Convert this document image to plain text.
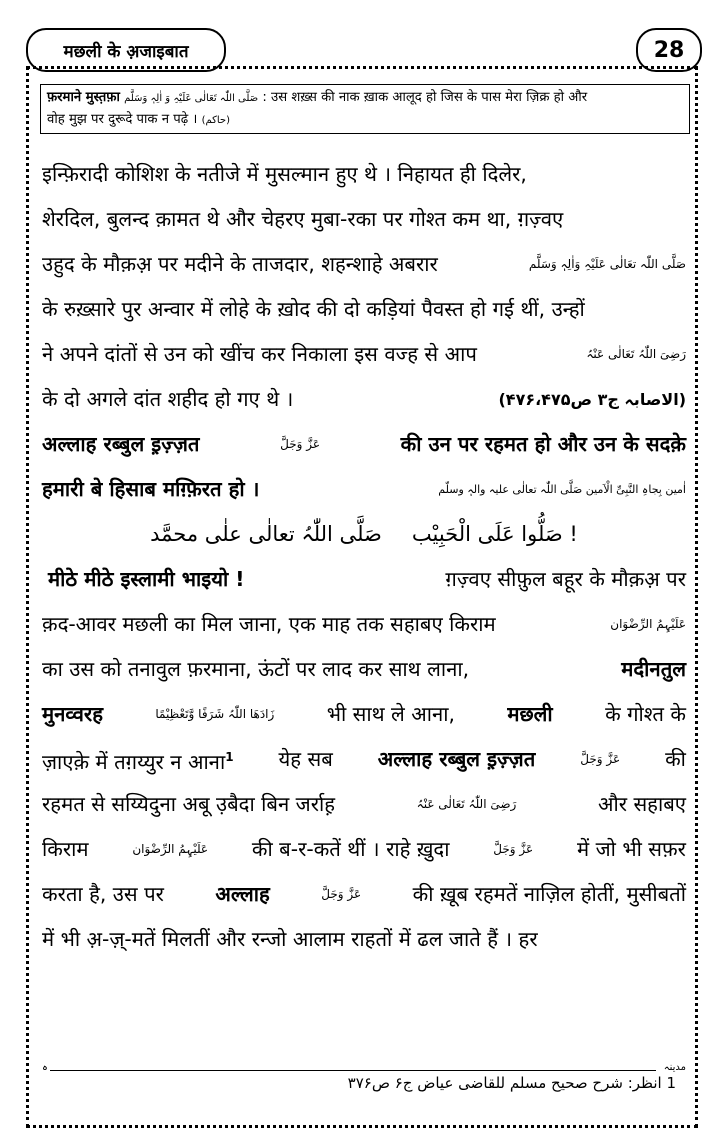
मछली के अ़जाइबात	28
फ़रमाने मुस्त़फ़ा صَلَّى اللّٰہ تَعَالٰی عَلَیْہِ وَ اٰلِہٖ وَسَلَّم : उस शख़्स की नाक ख़ाक आलूद हो जिस के पास मेरा ज़िक्र हो और
वोह मुझ पर दुरूदे पाक न पढ़े । (حاکم)
इन्फ़िरादी कोशिश के नतीजे में मुसल्मान हुए थे । निहायत ही दिलेर,
शेरदिल, बुलन्द क़ामत थे और चेहरए मुबा-रका पर गोश्त कम था, ग़ज़्वए
उहुद के मौक़अ़ पर मदीने के ताजदार, शहन्शाहे अबरार	صَلَّی اللّٰہ تعَالٰی عَلَیْہِ وَاٰلِہٖ وَسَلَّم
के रुख़्सारे पुर अन्वार में लोहे के ख़ोद की दो कड़ियां पैवस्त हो गई थीं, उन्हों
ने अपने दांतों से उन को खींच कर निकाला इस वज्ह से आप	رَضِیَ اللّٰہُ تَعَالٰی عَنْہُ
के दो अगले दांत शहीद हो गए थे ।	(الاصابہ ج۳ ص۴۷۶،۴۷۵)
अल्लाह रब्बुल इ़ज़्ज़त	عَزَّ وَجَلَّ	की उन पर रहमत हो और उन के सदक़े
हमारी बे हिसाब मग़्फ़िरत हो ।	اٰمین بِجاہِ النَّبِیِّ الْاَمین صَلَّی اللّٰہ تعالٰی علیہ والہٖ وسلّم
صَلَّی اللّٰہُ تعالٰی علٰی محمَّد صَلُّوا عَلَی الْحَبِیْب !
मीठे मीठे इस्लामी भाइयो !	ग़ज़्वए सीफ़ुल बहूर के मौक़अ़ पर
क़द-आवर मछली का मिल जाना, एक माह तक सहाबए किराम	عَلَیْہِمُ الرِّضْوَان
का उस को तनावुल फ़रमाना, ऊंटों पर लाद कर साथ लाना,	मदीनतुल
मुनव्वरह	زَادَھَا اللّٰہُ شَرَفًا وَّتَعْظِیْمًا	भी साथ ले आना,	मछली	के गोश्त के
ज़ाएक़े में तग़य्युर न आना$^1$ येह सब अल्लाह रब्बुल इ़ज़्ज़त	عَزَّ وَجَلَّ की
रहमत से सय्यिदुना अबू उ़बैदा बिन जर्राह़	رَضِیَ اللّٰہُ تَعَالٰی عَنْہُ	और सहाबए
किराम	عَلَیْہِمُ الرِّضْوَان की ब-र-कतें थीं । राहे ख़ुदा	عَزَّ وَجَلَّ में जो भी सफ़र
करता है, उस पर	अल्लाह	عَزَّ وَجَلَّ	की ख़ूब रहमतें नाज़िल होतीं, मुसीबतों
में भी अ़-ज़्-मतें मिलतीं और रन्जो आलाम राहतों में ढल जाते हैं । हर
ہ	مدینہ
1 انظر: شرح صحیح مسلم للقاضی عیاض ج۶ ص۳۷۶
